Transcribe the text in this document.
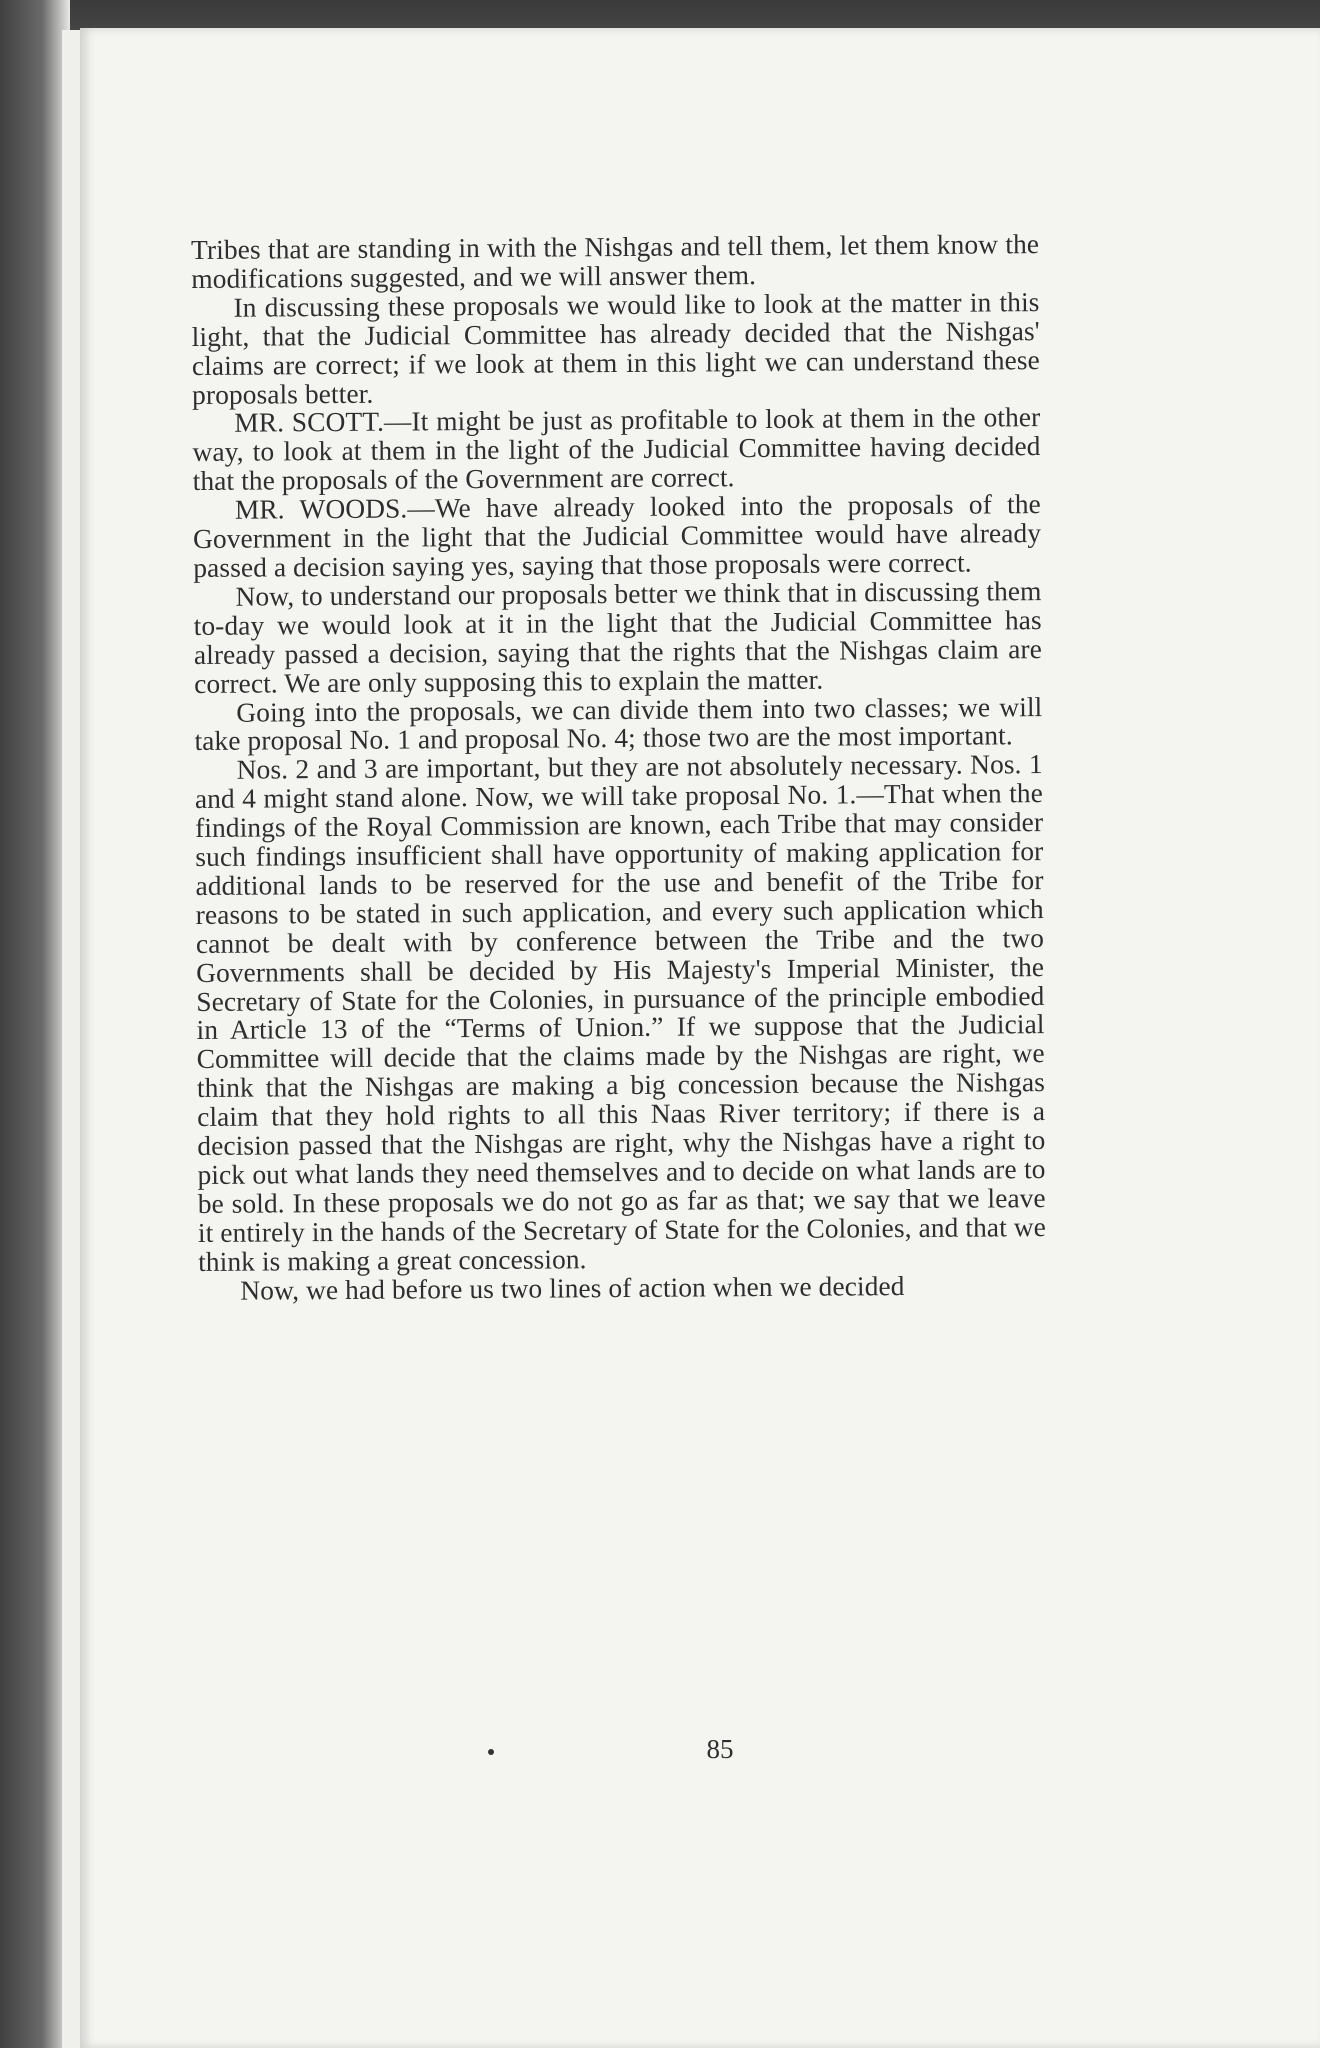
Tribes that are standing in with the Nishgas and tell them, let them know the modifications suggested, and we will answer them.

In discussing these proposals we would like to look at the matter in this light, that the Judicial Committee has already decided that the Nishgas' claims are correct; if we look at them in this light we can understand these proposals better.

MR. SCOTT.—It might be just as profitable to look at them in the other way, to look at them in the light of the Judicial Committee having decided that the proposals of the Government are correct.

MR. WOODS.—We have already looked into the proposals of the Government in the light that the Judicial Committee would have already passed a decision saying yes, saying that those proposals were correct.

Now, to understand our proposals better we think that in discussing them to-day we would look at it in the light that the Judicial Committee has already passed a decision, saying that the rights that the Nishgas claim are correct. We are only supposing this to explain the matter.

Going into the proposals, we can divide them into two classes; we will take proposal No. 1 and proposal No. 4; those two are the most important.

Nos. 2 and 3 are important, but they are not absolutely necessary. Nos. 1 and 4 might stand alone. Now, we will take proposal No. 1.—That when the findings of the Royal Commission are known, each Tribe that may consider such findings insufficient shall have opportunity of making application for additional lands to be reserved for the use and benefit of the Tribe for reasons to be stated in such application, and every such application which cannot be dealt with by conference between the Tribe and the two Governments shall be decided by His Majesty's Imperial Minister, the Secretary of State for the Colonies, in pursuance of the principle embodied in Article 13 of the “Terms of Union.” If we suppose that the Judicial Committee will decide that the claims made by the Nishgas are right, we think that the Nishgas are making a big concession because the Nishgas claim that they hold rights to all this Naas River territory; if there is a decision passed that the Nishgas are right, why the Nishgas have a right to pick out what lands they need themselves and to decide on what lands are to be sold. In these proposals we do not go as far as that; we say that we leave it entirely in the hands of the Secretary of State for the Colonies, and that we think is making a great concession.

Now, we had before us two lines of action when we decided

85
